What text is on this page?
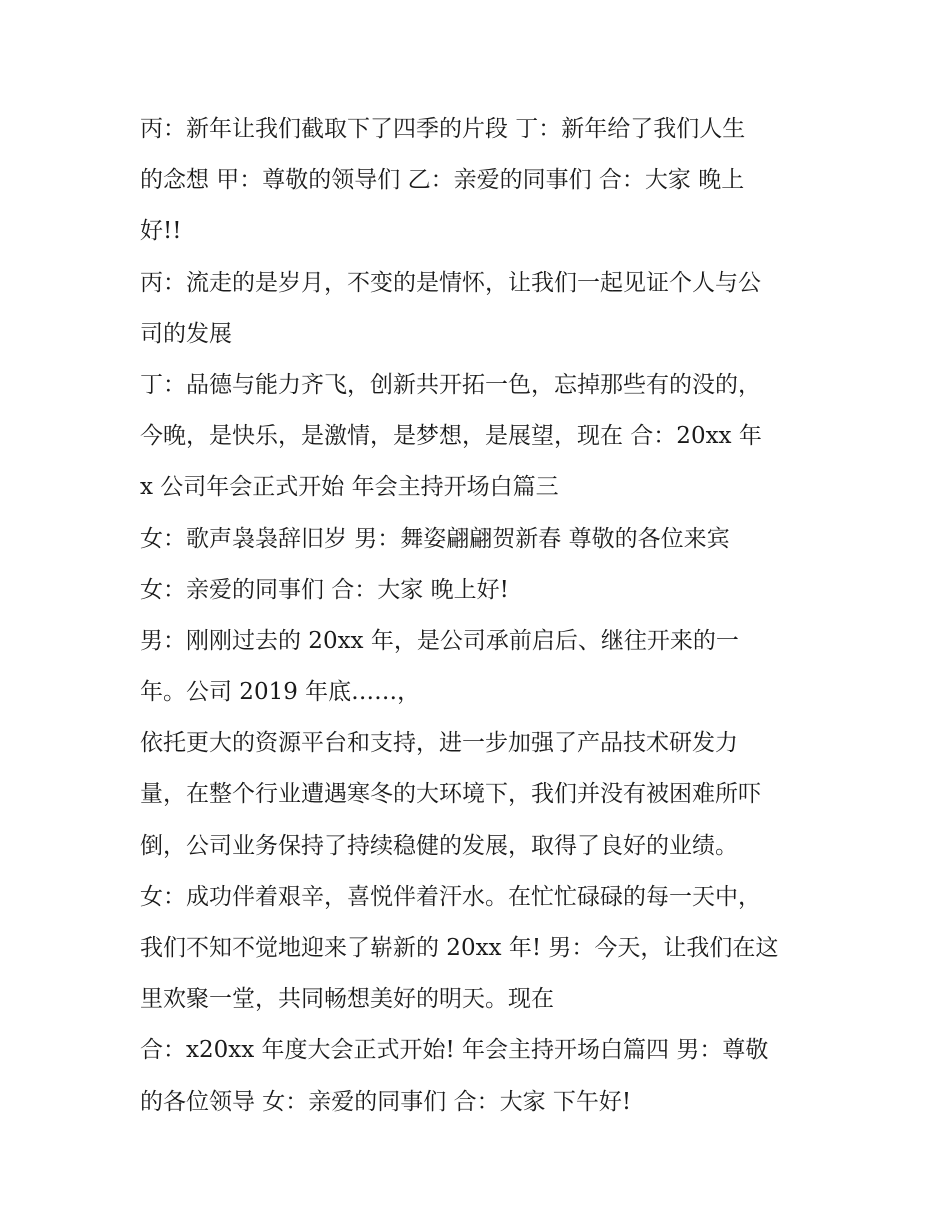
丙：新年让我们截取下了四季的片段 丁：新年给了我们人生
的念想 甲：尊敬的领导们 乙：亲爱的同事们 合：大家 晚上
好!!
丙：流走的是岁月，不变的是情怀，让我们一起见证个人与公
司的发展
丁：品德与能力齐飞，创新共开拓一色，忘掉那些有的没的，
今晚，是快乐，是激情，是梦想，是展望，现在 合：20xx 年
x 公司年会正式开始 年会主持开场白篇三
女：歌声袅袅辞旧岁 男：舞姿翩翩贺新春 尊敬的各位来宾
女：亲爱的同事们 合：大家 晚上好!
男：刚刚过去的 20xx 年，是公司承前启后、继往开来的一
年。公司 2019 年底……，
依托更大的资源平台和支持，进一步加强了产品技术研发力
量，在整个行业遭遇寒冬的大环境下，我们并没有被困难所吓
倒，公司业务保持了持续稳健的发展，取得了良好的业绩。
女：成功伴着艰辛，喜悦伴着汗水。在忙忙碌碌的每一天中，
我们不知不觉地迎来了崭新的 20xx 年! 男：今天，让我们在这
里欢聚一堂，共同畅想美好的明天。现在
合：x20xx 年度大会正式开始! 年会主持开场白篇四 男：尊敬
的各位领导 女：亲爱的同事们 合：大家 下午好!
